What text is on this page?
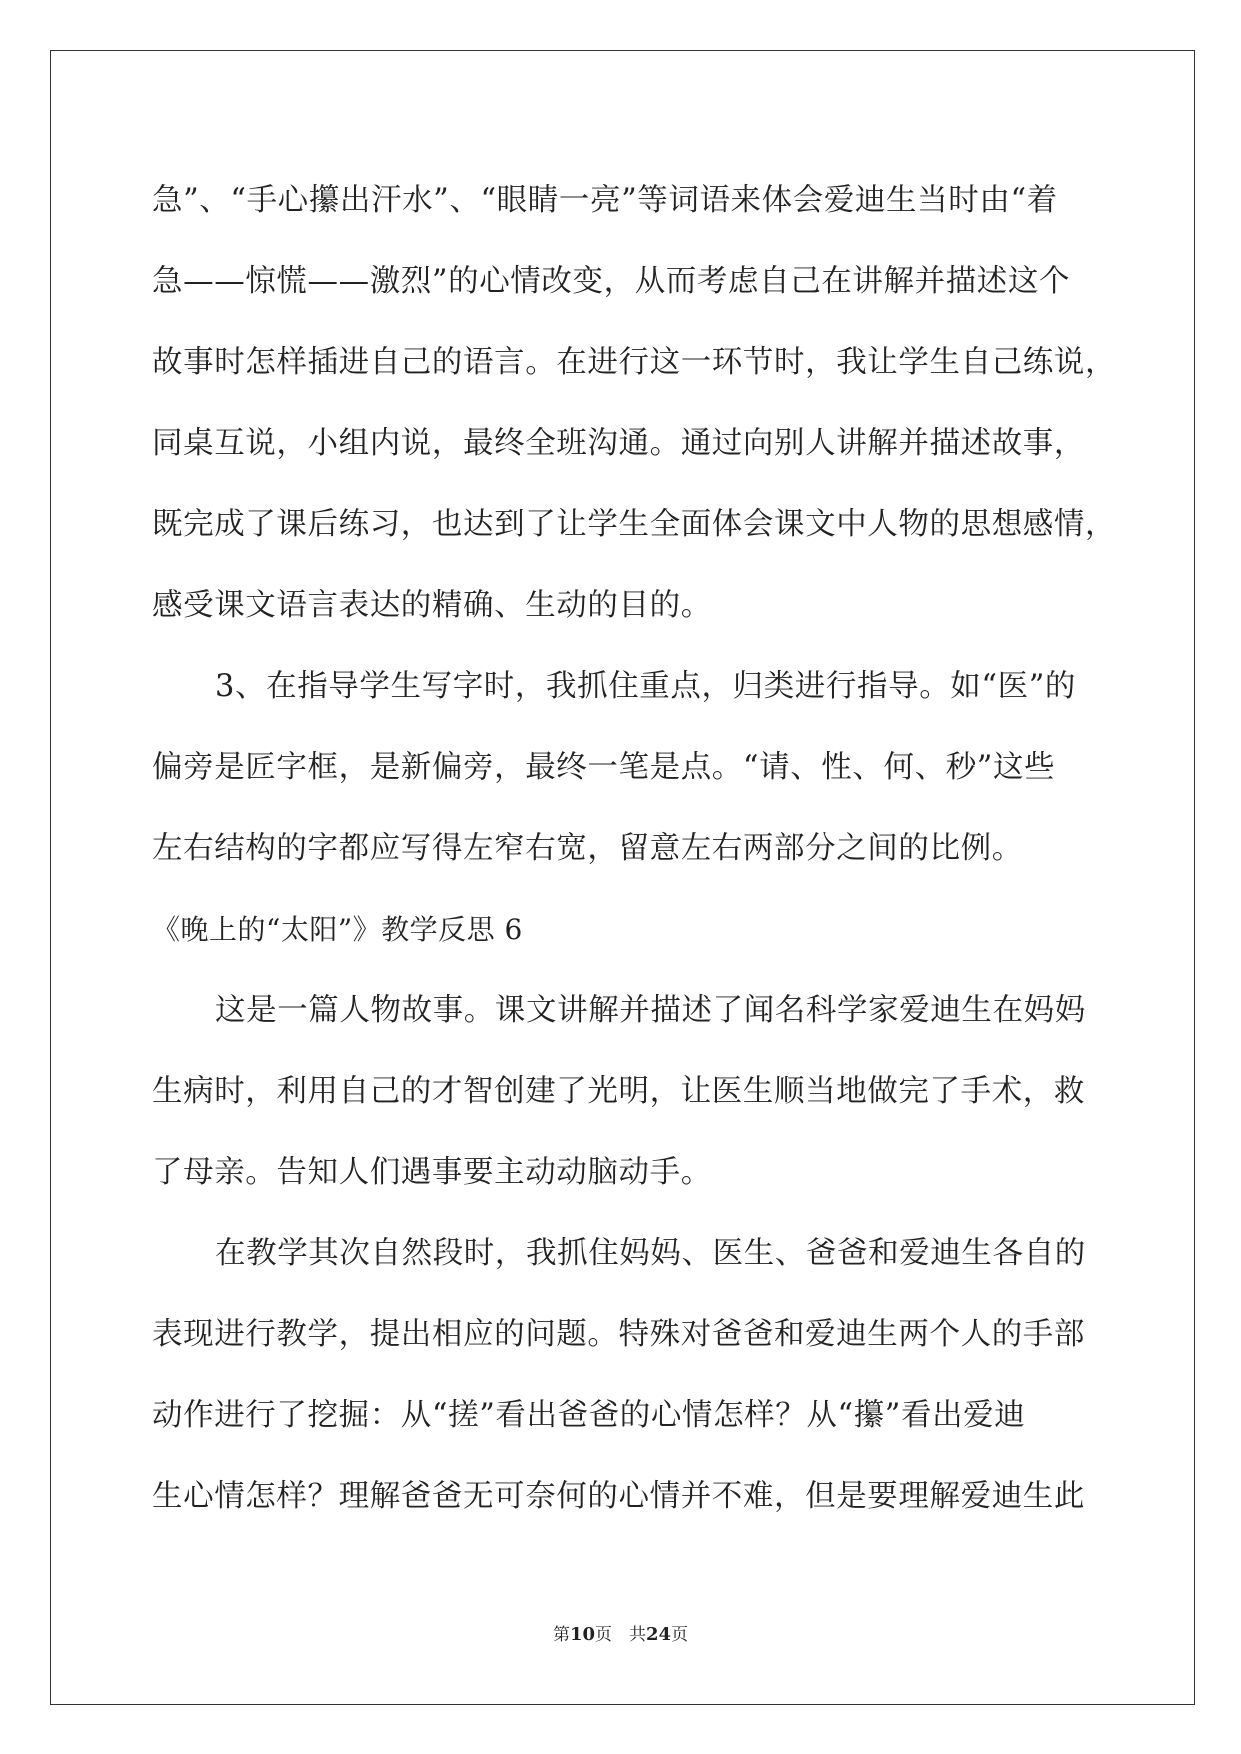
急”、“手心攥出汗水”、“眼睛一亮”等词语来体会爱迪生当时由“着
急——惊慌——激烈”的心情改变，从而考虑自己在讲解并描述这个
故事时怎样插进自己的语言。在进行这一环节时，我让学生自己练说，
同桌互说，小组内说，最终全班沟通。通过向别人讲解并描述故事，
既完成了课后练习，也达到了让学生全面体会课文中人物的思想感情，
感受课文语言表达的精确、生动的目的。
3、在指导学生写字时，我抓住重点，归类进行指导。如“医”的
偏旁是匠字框，是新偏旁，最终一笔是点。“请、性、何、秒”这些
左右结构的字都应写得左窄右宽，留意左右两部分之间的比例。
《晚上的“太阳”》教学反思 6
这是一篇人物故事。课文讲解并描述了闻名科学家爱迪生在妈妈
生病时，利用自己的才智创建了光明，让医生顺当地做完了手术，救
了母亲。告知人们遇事要主动动脑动手。
在教学其次自然段时，我抓住妈妈、医生、爸爸和爱迪生各自的
表现进行教学，提出相应的问题。特殊对爸爸和爱迪生两个人的手部
动作进行了挖掘：从“搓”看出爸爸的心情怎样？从“攥”看出爱迪
生心情怎样？理解爸爸无可奈何的心情并不难，但是要理解爱迪生此
第10页　共24页
